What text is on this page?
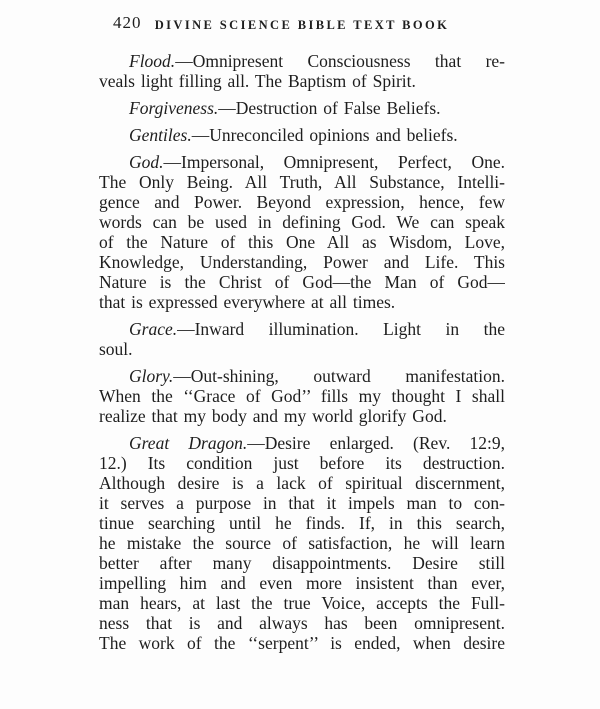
420	DIVINE SCIENCE BIBLE TEXT BOOK
Flood.—Omnipresent Consciousness that re-
veals light filling all. The Baptism of Spirit.
Forgiveness.—Destruction of False Beliefs.
Gentiles.—Unreconciled opinions and beliefs.
God.—Impersonal, Omnipresent, Perfect, One.
The Only Being. All Truth, All Substance, Intelli-
gence and Power. Beyond expression, hence, few
words can be used in defining God. We can speak
of the Nature of this One All as Wisdom, Love,
Knowledge, Understanding, Power and Life. This
Nature is the Christ of God—the Man of God—
that is expressed everywhere at all times.
Grace.—Inward illumination. Light in the
soul.
Glory.—Out-shining, outward manifestation.
When the ‘‘Grace of God’’ fills my thought I shall
realize that my body and my world glorify God.
Great Dragon.—Desire enlarged. (Rev. 12:9,
12.) Its condition just before its destruction.
Although desire is a lack of spiritual discernment,
it serves a purpose in that it impels man to con-
tinue searching until he finds. If, in this search,
he mistake the source of satisfaction, he will learn
better after many disappointments. Desire still
impelling him and even more insistent than ever,
man hears, at last the true Voice, accepts the Full-
ness that is and always has been omnipresent.
The work of the ‘‘serpent’’ is ended, when desire
